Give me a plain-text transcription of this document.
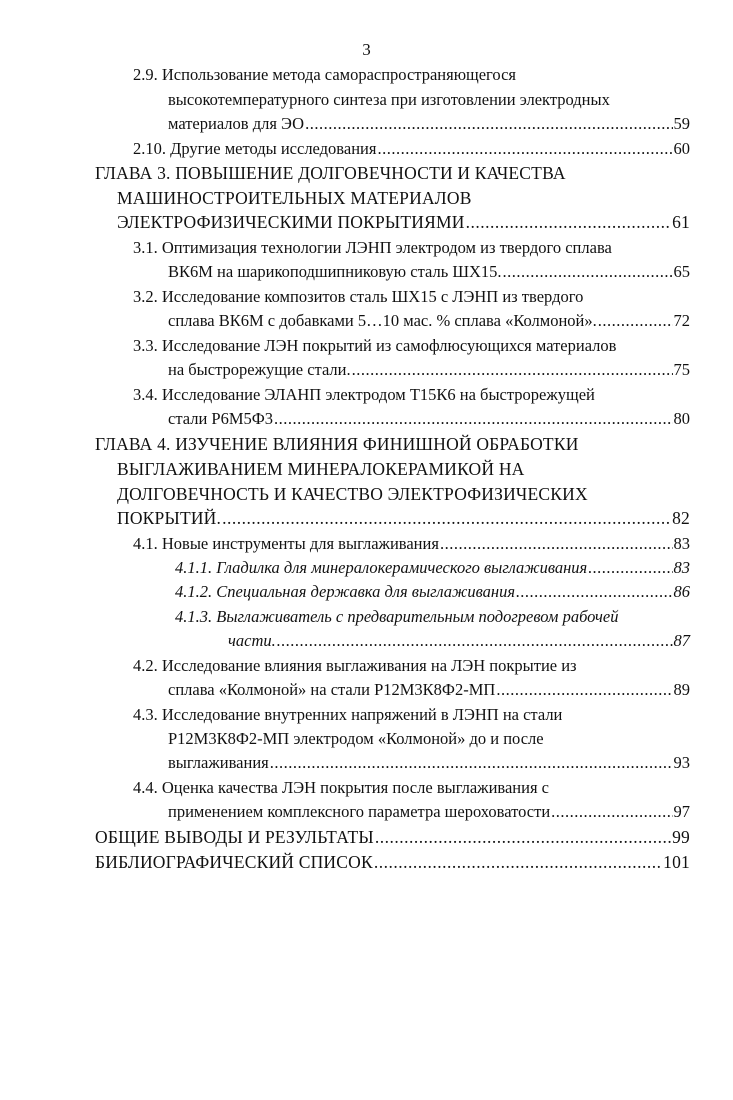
3
2.9. Использование метода самораспространяющегося
высокотемпературного синтеза при изготовлении электродных
материалов для ЭО .....	59
2.10. Другие методы исследования .....	60
ГЛАВА 3. ПОВЫШЕНИЕ ДОЛГОВЕЧНОСТИ И КАЧЕСТВА
МАШИНОСТРОИТЕЛЬНЫХ МАТЕРИАЛОВ
ЭЛЕКТРОФИЗИЧЕСКИМИ ПОКРЫТИЯМИ .....	61
3.1. Оптимизация технологии ЛЭНП электродом из твердого сплава
ВК6М на шарикоподшипниковую сталь ШХ15. .....	65
3.2. Исследование композитов сталь ШХ15 с ЛЭНП из твердого
сплава ВК6М с добавками 5…10 мас. % сплава «Колмоной». .....	72
3.3. Исследование ЛЭН покрытий из самофлюсующихся материалов
на быстрорежущие стали. .....	75
3.4. Исследование ЭЛАНП электродом Т15К6 на быстрорежущей
стали Р6М5Ф3 .....	80
ГЛАВА 4. ИЗУЧЕНИЕ ВЛИЯНИЯ ФИНИШНОЙ ОБРАБОТКИ
ВЫГЛАЖИВАНИЕМ МИНЕРАЛОКЕРАМИКОЙ НА
ДОЛГОВЕЧНОСТЬ И КАЧЕСТВО ЭЛЕКТРОФИЗИЧЕСКИХ
ПОКРЫТИЙ. .....	82
4.1. Новые инструменты для выглаживания .....	83
4.1.1. Гладилка для минералокерамического выглаживания .....	83
4.1.2. Специальная державка для выглаживания .....	86
4.1.3. Выглаживатель с предварительным подогревом рабочей
части. .....	87
4.2. Исследование влияния выглаживания на ЛЭН покрытие из
сплава «Колмоной» на стали Р12М3К8Ф2-МП .....	89
4.3. Исследование внутренних напряжений в ЛЭНП на стали
Р12М3К8Ф2-МП электродом «Колмоной» до и после
выглаживания .....	93
4.4. Оценка качества ЛЭН покрытия после выглаживания с
применением комплексного параметра шероховатости .....	97
ОБЩИЕ ВЫВОДЫ И РЕЗУЛЬТАТЫ .....	99
БИБЛИОГРАФИЧЕСКИЙ СПИСОК .....	101
